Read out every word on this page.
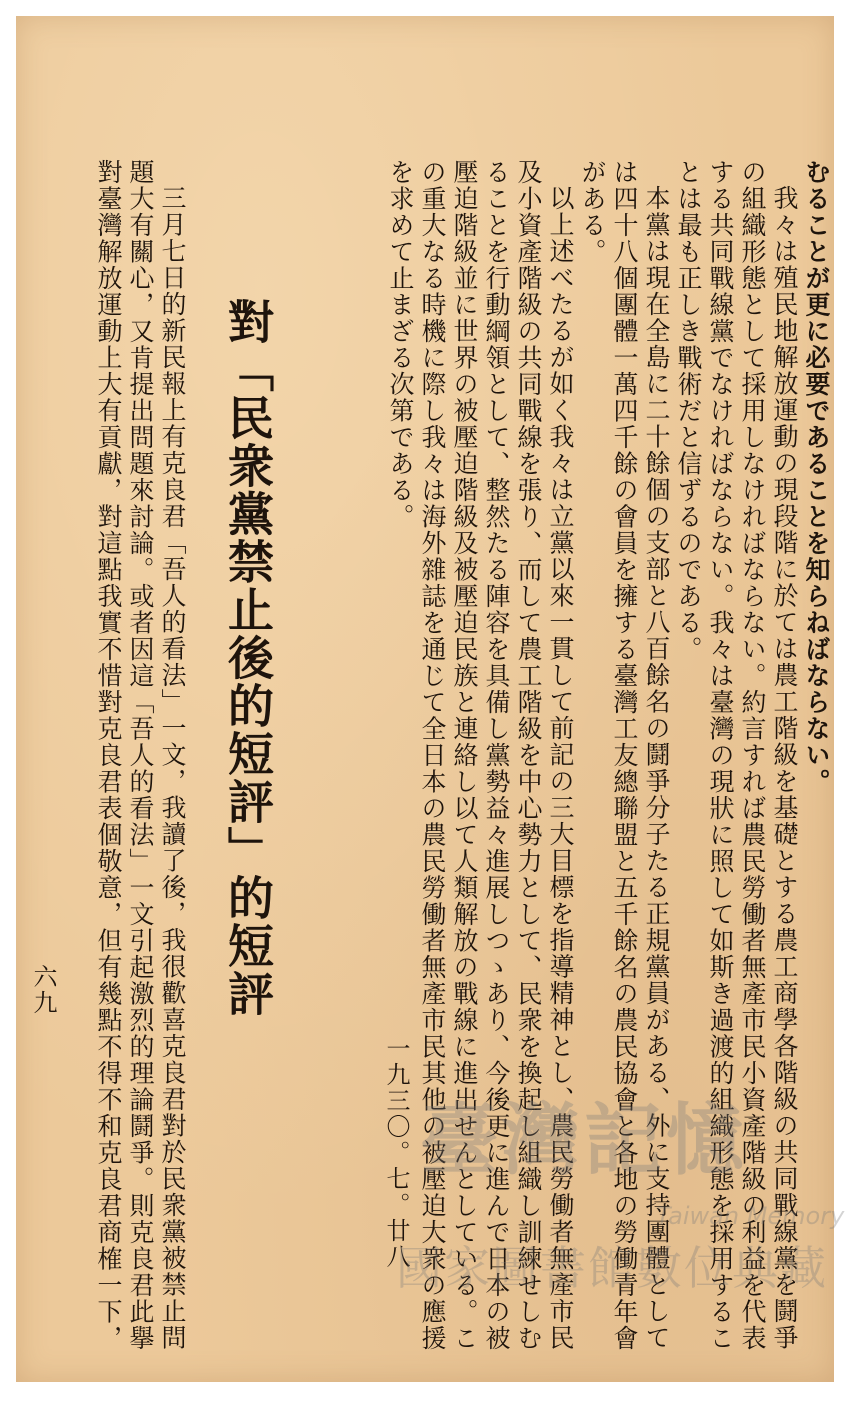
むることが更に必要であることを知らねばならない。
我々は殖民地解放運動の現段階に於ては農工階級を基礎とする農工商學各階級の共同戰線黨を鬪爭
の組織形態として採用しなければならない。約言すれば農民勞働者無產市民小資產階級の利益を代表
する共同戰線黨でなければならない。我々は臺灣の現狀に照して如斯き過渡的組織形態を採用するこ
とは最も正しき戰術だと信ずるのである。
本黨は現在全島に二十餘個の支部と八百餘名の鬪爭分子たる正規黨員がある、外に支持團體として
は四十八個團體一萬四千餘の會員を擁する臺灣工友總聯盟と五千餘名の農民協會と各地の勞働青年會
がある。
以上述べたるが如く我々は立黨以來一貫して前記の三大目標を指導精神とし、農民勞働者無產市民
及小資產階級の共同戰線を張り、而して農工階級を中心勢力として、民衆を換起し組織し訓練せしむ
ることを行動綱領として、整然たる陣容を具備し黨勢益々進展しつゝあり、今後更に進んで日本の被
壓迫階級並に世界の被壓迫階級及被壓迫民族と連絡し以て人類解放の戰線に進出せんとしている。こ
の重大なる時機に際し我々は海外雜誌を通じて全日本の農民勞働者無產市民其他の被壓迫大衆の應援
を求めて止まざる次第である。
一九三〇。七。廿八
對「民衆黨禁止後的短評」的短評
三月七日的新民報上有克良君「吾人的看法」一文，我讀了後，我很歡喜克良君對於民衆黨被禁止問
題大有關心，又肯提出問題來討論。或者因這「吾人的看法」一文引起激烈的理論鬪爭。則克良君此擧
對臺灣解放運動上大有貢獻，對這點我實不惜對克良君表個敬意，但有幾點不得不和克良君商榷一下，
六九
臺灣記憶
Taiwan Memory
國家圖書館數位典藏
